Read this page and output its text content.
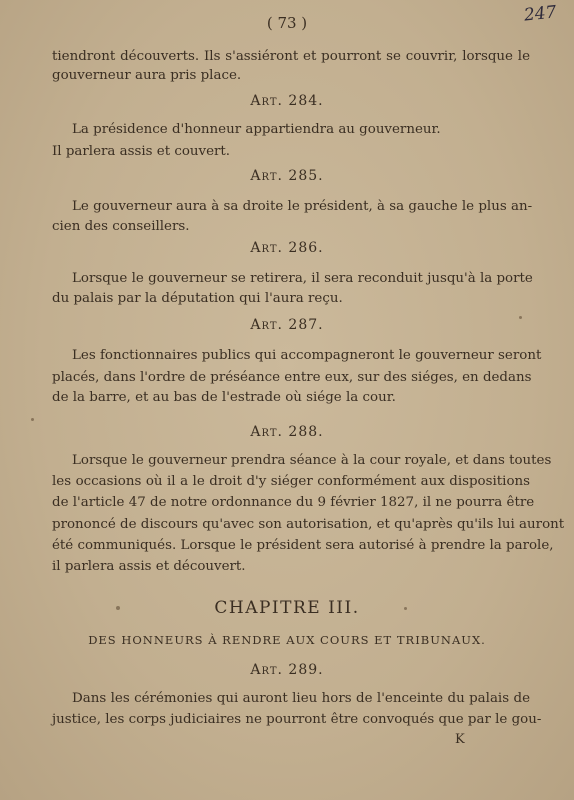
( 73 )	247
tiendront découverts. Ils s'assiéront et pourront se couvrir, lorsque le
gouverneur aura pris place.
Art. 284.
La présidence d'honneur appartiendra au gouverneur.
Il parlera assis et couvert.
Art. 285.
Le gouverneur aura à sa droite le président, à sa gauche le plus an-
cien des conseillers.
Art. 286.
Lorsque le gouverneur se retirera, il sera reconduit jusqu'à la porte
du palais par la députation qui l'aura reçu.
Art. 287.
Les fonctionnaires publics qui accompagneront le gouverneur seront
placés, dans l'ordre de préséance entre eux, sur des siéges, en dedans
de la barre, et au bas de l'estrade où siége la cour.
Art. 288.
Lorsque le gouverneur prendra séance à la cour royale, et dans toutes
les occasions où il a le droit d'y siéger conformément aux dispositions
de l'article 47 de notre ordonnance du 9 février 1827, il ne pourra être
prononcé de discours qu'avec son autorisation, et qu'après qu'ils lui auront
été communiqués. Lorsque le président sera autorisé à prendre la parole,
il parlera assis et découvert.
CHAPITRE III.
DES HONNEURS À RENDRE AUX COURS ET TRIBUNAUX.
Art. 289.
Dans les cérémonies qui auront lieu hors de l'enceinte du palais de
justice, les corps judiciaires ne pourront être convoqués que par le gou-
K
